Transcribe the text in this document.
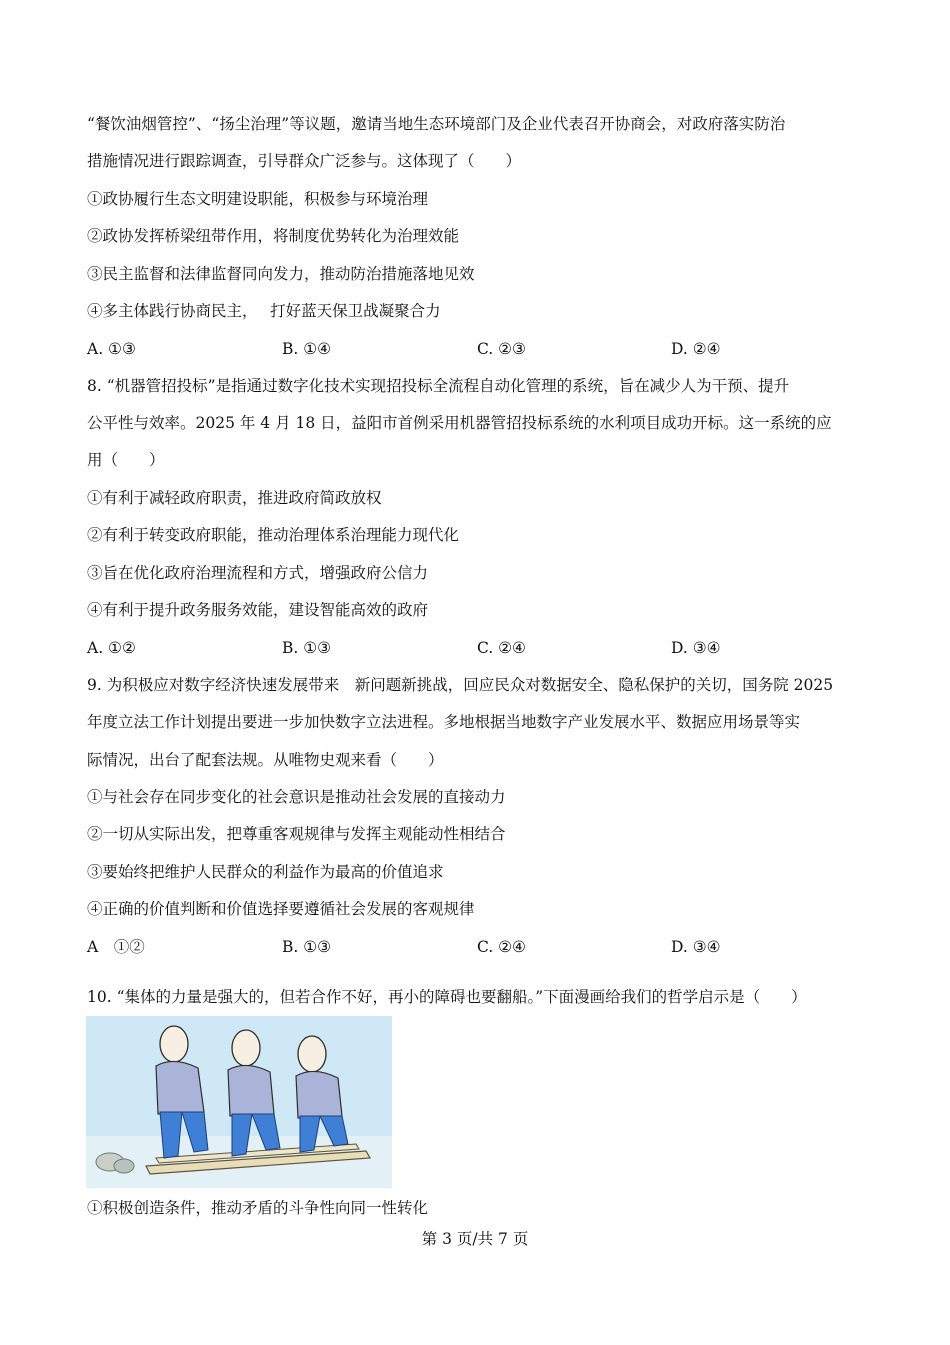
“餐饮油烟管控”、“扬尘治理”等议题，邀请当地生态环境部门及企业代表召开协商会，对政府落实防治
措施情况进行跟踪调查，引导群众广泛参与。这体现了（　　）
①政协履行生态文明建设职能，积极参与环境治理
②政协发挥桥梁纽带作用，将制度优势转化为治理效能
③民主监督和法律监督同向发力，推动防治措施落地见效
④多主体践行协商民主，　 打好蓝天保卫战凝聚合力
A. ①③	B. ①④	C. ②③	D. ②④
8. “机器管招投标”是指通过数字化技术实现招投标全流程自动化管理的系统，旨在减少人为干预、提升
公平性与效率。2025 年 4 月 18 日，益阳市首例采用机器管招投标系统的水利项目成功开标。这一系统的应
用（　　）
①有利于减轻政府职责，推进政府简政放权
②有利于转变政府职能，推动治理体系治理能力现代化
③旨在优化政府治理流程和方式，增强政府公信力
④有利于提升政务服务效能，建设智能高效的政府
A. ①②	B. ①③	C. ②④	D. ③④
9. 为积极应对数字经济快速发展带来　新问题新挑战，回应民众对数据安全、隐私保护的关切，国务院 2025
年度立法工作计划提出要进一步加快数字立法进程。多地根据当地数字产业发展水平、数据应用场景等实
际情况，出台了配套法规。从唯物史观来看（　　）
①与社会存在同步变化的社会意识是推动社会发展的直接动力
②一切从实际出发，把尊重客观规律与发挥主观能动性相结合
③要始终把维护人民群众的利益作为最高的价值追求
④正确的价值判断和价值选择要遵循社会发展的客观规律
A　①②	B. ①③	C. ②④	D. ③④
10. “集体的力量是强大的，但若合作不好，再小的障碍也要翻船。”下面漫画给我们的哲学启示是（　　）
①积极创造条件，推动矛盾的斗争性向同一性转化
第 3 页/共 7 页
